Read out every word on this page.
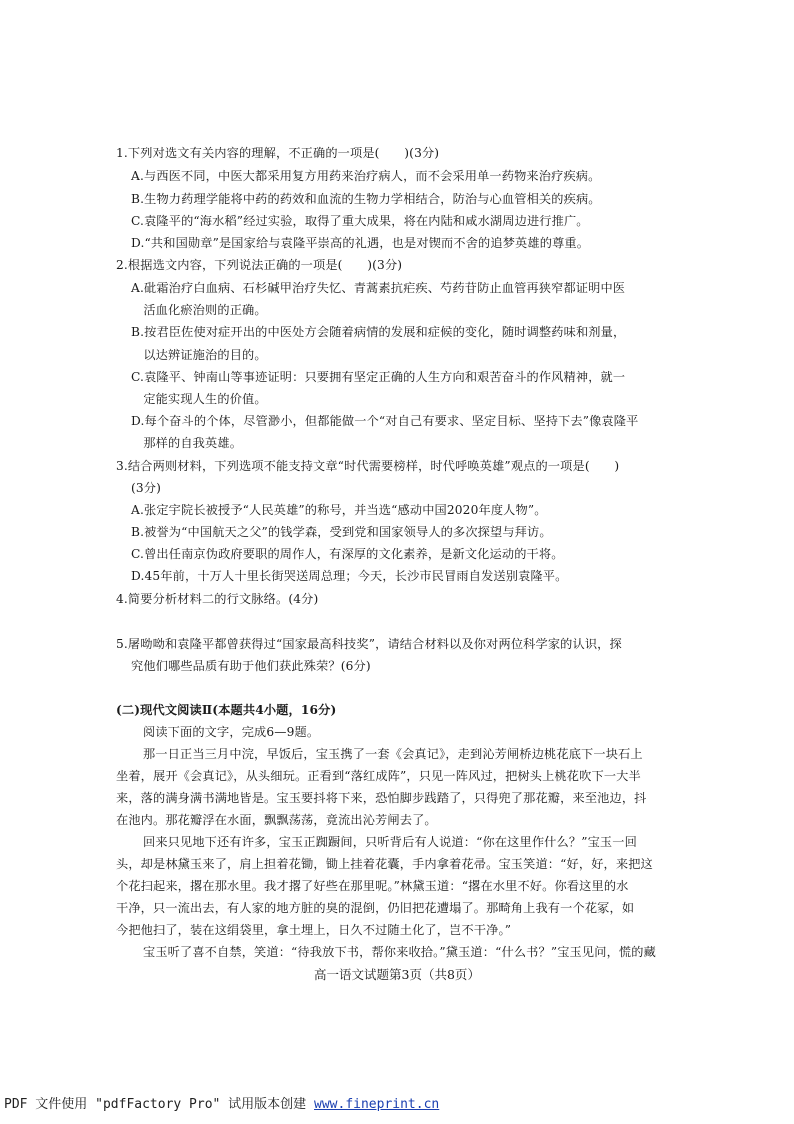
1.下列对选文有关内容的理解，不正确的一项是(　　)(3分)
A.与西医不同，中医大都采用复方用药来治疗病人，而不会采用单一药物来治疗疾病。
B.生物力药理学能将中药的药效和血流的生物力学相结合，防治与心血管相关的疾病。
C.袁隆平的“海水稻”经过实验，取得了重大成果，将在内陆和咸水湖周边进行推广。
D.“共和国勋章”是国家给与袁隆平崇高的礼遇，也是对锲而不舍的追梦英雄的尊重。
2.根据选文内容，下列说法正确的一项是(　　)(3分)
A.砒霜治疗白血病、石杉碱甲治疗失忆、青蒿素抗疟疾、芍药苷防止血管再狭窄都证明中医
　活血化瘀治则的正确。
B.按君臣佐使对症开出的中医处方会随着病情的发展和症候的变化，随时调整药味和剂量，
　以达辨证施治的目的。
C.袁隆平、钟南山等事迹证明：只要拥有坚定正确的人生方向和艰苦奋斗的作风精神，就一
　定能实现人生的价值。
D.每个奋斗的个体，尽管渺小，但都能做一个“对自己有要求、坚定目标、坚持下去”像袁隆平
　那样的自我英雄。
3.结合两则材料，下列选项不能支持文章“时代需要榜样，时代呼唤英雄”观点的一项是(　　)
(3分)
A.张定宇院长被授予“人民英雄”的称号，并当选“感动中国2020年度人物”。
B.被誉为“中国航天之父”的钱学森，受到党和国家领导人的多次探望与拜访。
C.曾出任南京伪政府要职的周作人，有深厚的文化素养，是新文化运动的干将。
D.45年前，十万人十里长街哭送周总理；今天，长沙市民冒雨自发送别袁隆平。
4.简要分析材料二的行文脉络。(4分)
5.屠呦呦和袁隆平都曾获得过“国家最高科技奖”，请结合材料以及你对两位科学家的认识，探
究他们哪些品质有助于他们获此殊荣？(6分)
(二)现代文阅读Ⅱ(本题共4小题，16分)
阅读下面的文字，完成6—9题。
那一日正当三月中浣，早饭后，宝玉携了一套《会真记》，走到沁芳闸桥边桃花底下一块石上
坐着，展开《会真记》，从头细玩。正看到“落红成阵”，只见一阵风过，把树头上桃花吹下一大半
来，落的满身满书满地皆是。宝玉要抖将下来，恐怕脚步践踏了，只得兜了那花瓣，来至池边，抖
在池内。那花瓣浮在水面，飘飘荡荡，竟流出沁芳闸去了。
回来只见地下还有许多，宝玉正踟蹰间，只听背后有人说道：“你在这里作什么？”宝玉一回
头，却是林黛玉来了，肩上担着花锄，锄上挂着花囊，手内拿着花帚。宝玉笑道：“好，好，来把这
个花扫起来，撂在那水里。我才撂了好些在那里呢。”林黛玉道：“撂在水里不好。你看这里的水
干净，只一流出去，有人家的地方脏的臭的混倒，仍旧把花遭塌了。那畸角上我有一个花冢，如
今把他扫了，装在这绢袋里，拿土埋上，日久不过随土化了，岂不干净。”
宝玉听了喜不自禁，笑道：“待我放下书，帮你来收拾。”黛玉道：“什么书？”宝玉见问，慌的藏
高一语文试题第3页（共8页）
PDF 文件使用 "pdfFactory Pro" 试用版本创建 www.fineprint.cn
